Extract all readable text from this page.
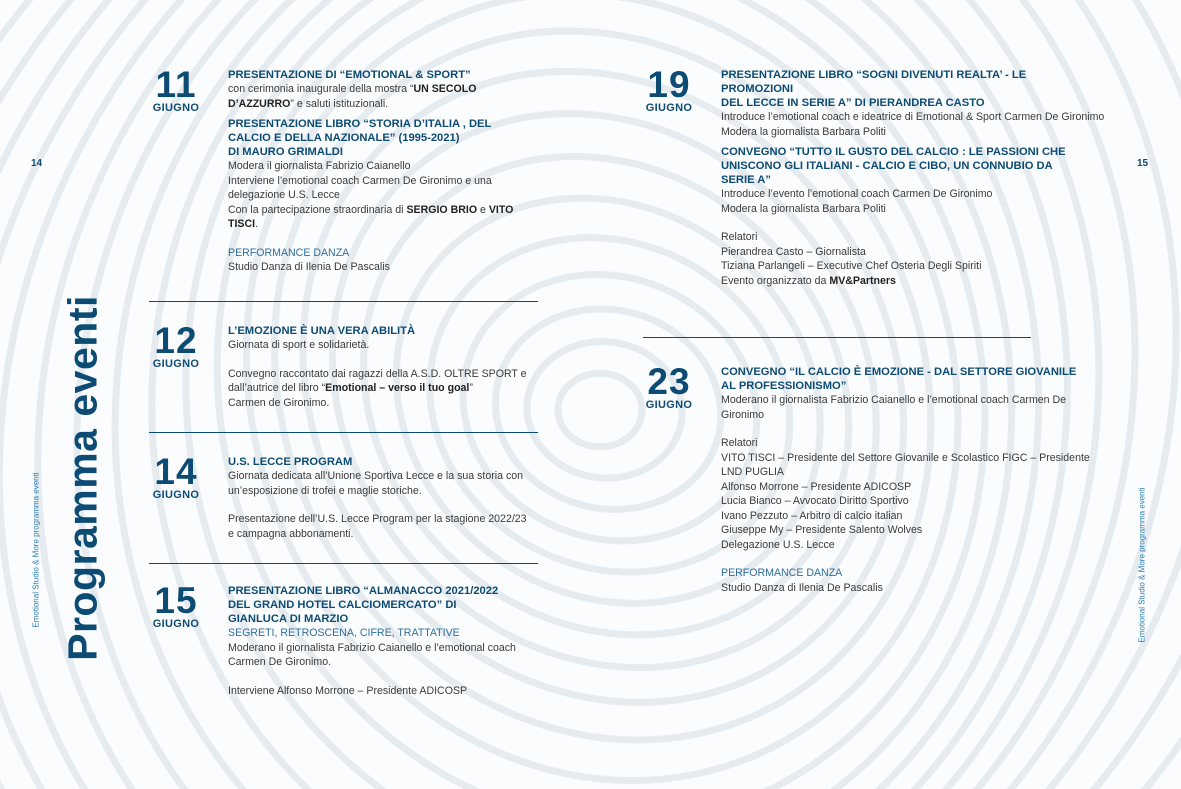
14	15
Programma eventi
Emotional Studio & More programma eventi	Emotional Studio & More programma eventi
11
GIUGNO
PRESENTAZIONE DI “EMOTIONAL & SPORT”
con cerimonia inaugurale della mostra “UN SECOLO D’AZZURRO” e saluti istituzionali.
PRESENTAZIONE LIBRO “STORIA D’ITALIA , DEL
CALCIO E DELLA NAZIONALE” (1995-2021)
DI MAURO GRIMALDI
Modera il giornalista Fabrizio Caianello
Interviene l’emotional coach Carmen De Gironimo e una delegazione U.S. Lecce
Con la partecipazione straordinaria di SERGIO BRIO e VITO TISCI.
PERFORMANCE DANZA
Studio Danza di Ilenia De Pascalis
12
GIUGNO
L’EMOZIONE È UNA VERA ABILITÀ
Giornata di sport e solidarietà.
Convegno raccontato dai ragazzi della A.S.D. OLTRE SPORT e dall’autrice del libro “Emotional – verso il tuo goal”
Carmen de Gironimo.
14
GIUGNO
U.S. LECCE PROGRAM
Giornata dedicata all’Unione Sportiva Lecce e la sua storia con un’esposizione di trofei e maglie storiche.
Presentazione dell’U.S. Lecce Program per la stagione 2022/23 e campagna abbonamenti.
15
GIUGNO
PRESENTAZIONE LIBRO “ALMANACCO 2021/2022
DEL GRAND HOTEL CALCIOMERCATO” DI
GIANLUCA DI MARZIO
SEGRETI, RETROSCENA, CIFRE, TRATTATIVE
Moderano il giornalista Fabrizio Caianello e l’emotional coach Carmen De Gironimo.
Interviene Alfonso Morrone – Presidente ADICOSP
19
GIUGNO
PRESENTAZIONE LIBRO “SOGNI DIVENUTI REALTA’ - LE
PROMOZIONI
DEL LECCE IN SERIE A” DI PIERANDREA CASTO
Introduce l’emotional coach e ideatrice di Emotional & Sport Carmen De Gironimo
Modera la giornalista Barbara Politi
CONVEGNO “TUTTO IL GUSTO DEL CALCIO : LE PASSIONI CHE
UNISCONO GLI ITALIANI - CALCIO E CIBO, UN CONNUBIO DA
SERIE A”
Introduce l’evento l’emotional coach Carmen De Gironimo
Modera la giornalista Barbara Politi
Relatori
Pierandrea Casto – Giornalista
Tiziana Parlangeli – Executive Chef Osteria Degli Spiriti
Evento organizzato da MV&Partners
23
GIUGNO
CONVEGNO “IL CALCIO È EMOZIONE - DAL SETTORE GIOVANILE
AL PROFESSIONISMO”
Moderano il giornalista Fabrizio Caianello e l’emotional coach Carmen De Gironimo
Relatori
VITO TISCI – Presidente del Settore Giovanile e Scolastico FIGC – Presidente LND PUGLIA
Alfonso Morrone – Presidente ADICOSP
Lucia Bianco – Avvocato Diritto Sportivo
Ivano Pezzuto – Arbitro di calcio italian
Giuseppe My – Presidente Salento Wolves
Delegazione U.S. Lecce
PERFORMANCE DANZA
Studio Danza di Ilenia De Pascalis
